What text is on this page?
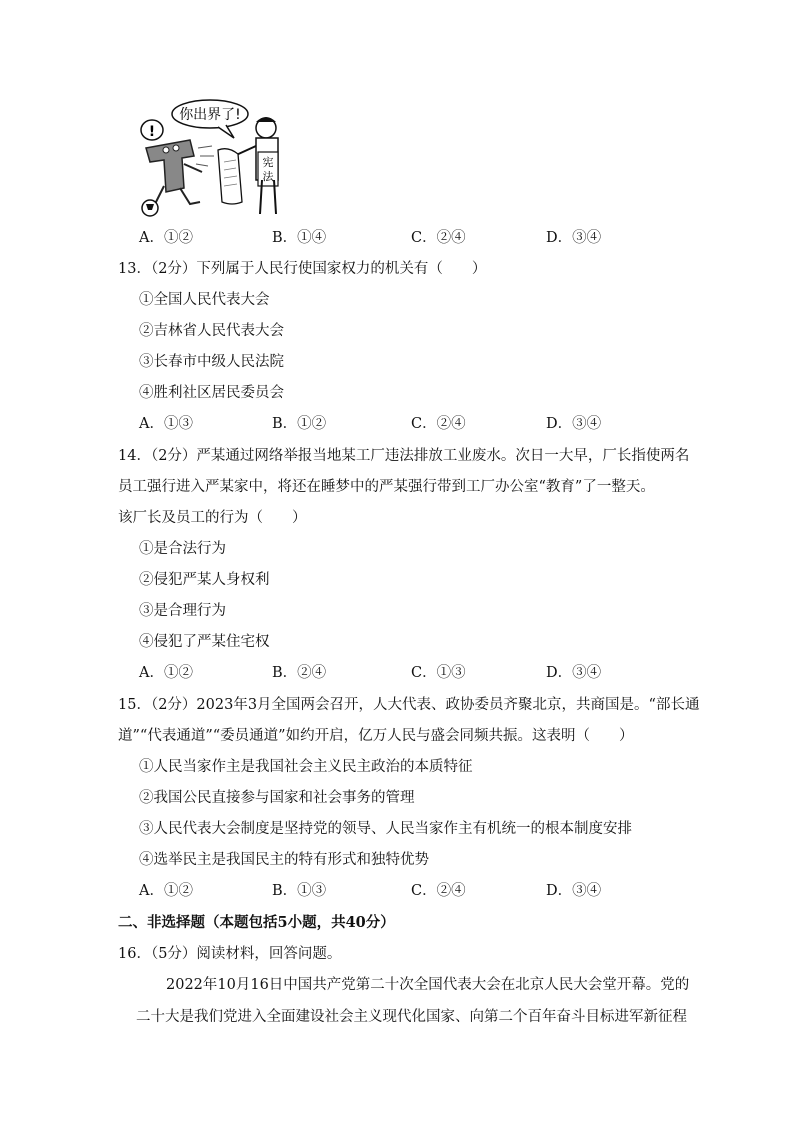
你出界了!
!
宪
法
A．①②	B．①④	C．②④	D．③④
13．（2分）下列属于人民行使国家权力的机关有（　　）
①全国人民代表大会
②吉林省人民代表大会
③长春市中级人民法院
④胜利社区居民委员会
A．①③	B．①②	C．②④	D．③④
14．（2分）严某通过网络举报当地某工厂违法排放工业废水。次日一大早，厂长指使两名
员工强行进入严某家中，将还在睡梦中的严某强行带到工厂办公室“教育”了一整天。
该厂长及员工的行为（　　）
①是合法行为
②侵犯严某人身权利
③是合理行为
④侵犯了严某住宅权
A．①②	B．②④	C．①③	D．③④
15．（2分）2023年3月全国两会召开，人大代表、政协委员齐聚北京，共商国是。“部长通
道”“代表通道”“委员通道”如约开启，亿万人民与盛会同频共振。这表明（　　）
①人民当家作主是我国社会主义民主政治的本质特征
②我国公民直接参与国家和社会事务的管理
③人民代表大会制度是坚持党的领导、人民当家作主有机统一的根本制度安排
④选举民主是我国民主的特有形式和独特优势
A．①②	B．①③	C．②④	D．③④
二、非选择题（本题包括5小题，共40分）
16．（5分）阅读材料，回答问题。
2022年10月16日中国共产党第二十次全国代表大会在北京人民大会堂开幕。党的
二十大是我们党进入全面建设社会主义现代化国家、向第二个百年奋斗目标进军新征程
